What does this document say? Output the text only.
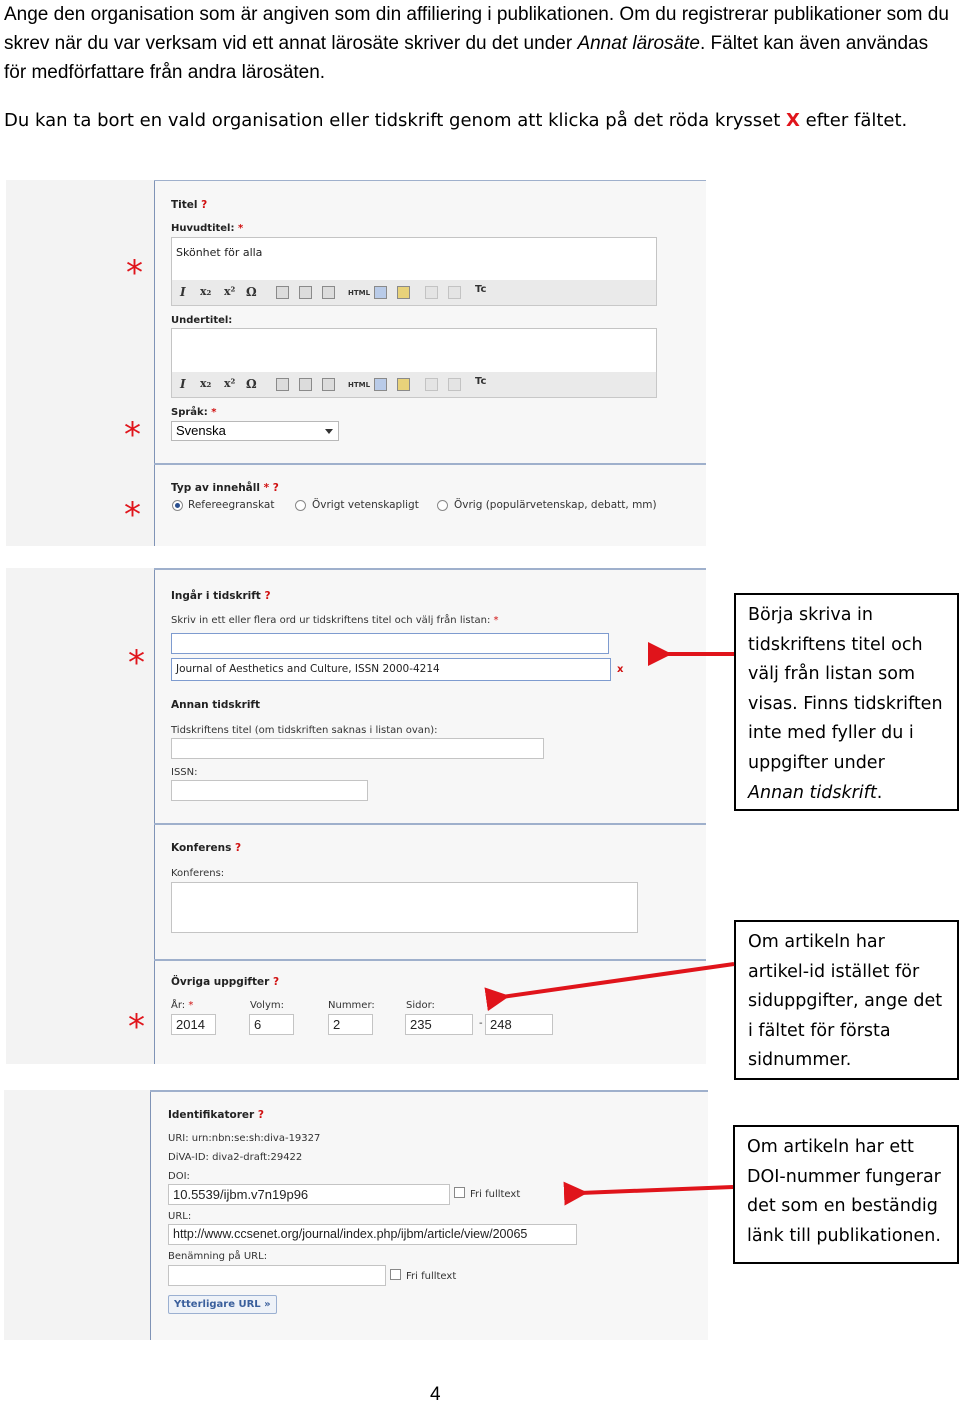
Ange den organisation som är angiven som din affiliering i publikationen. Om du registrerar publikationer som du skrev när du var verksam vid ett annat lärosäte skriver du det under Annat lärosäte. Fältet kan även användas för medförfattare från andra lärosäten.

Du kan ta bort en vald organisation eller tidskrift genom att klicka på det röda krysset X efter fältet.

Titel ?
Huvudtitel: *
Skönhet för alla
I x₂ x² Ω	HTML	Tc
Undertitel:
I x₂ x² Ω	HTML	Tc
Språk: *
Svenska
Typ av innehåll * ?
Refereegranskat	Övrigt vetenskapligt	Övrig (populärvetenskap, debatt, mm)
*
*
*
Ingår i tidskrift ?
Skriv in ett eller flera ord ur tidskriftens titel och välj från listan: *
Journal of Aesthetics and Culture, ISSN 2000-4214	x
Annan tidskrift
Tidskriftens titel (om tidskriften saknas i listan ovan):
ISSN:
Konferens ?
Konferens:
Övriga uppgifter ?
År: *
2014
Volym:
6
Nummer:
2
Sidor:
235	- 248
*
*
Identifikatorer ?
URI: urn:nbn:se:sh:diva-19327
DiVA-ID: diva2-draft:29422
DOI:
10.5539/ijbm.v7n19p96	Fri fulltext
URL:
http://www.ccsenet.org/journal/index.php/ijbm/article/view/20065
Benämning på URL:
Fri fulltext
Ytterligare URL »
Börja skriva in tidskriftens titel och välj från listan som visas. Finns tidskriften inte med fyller du i uppgifter under Annan tidskrift.
Om artikeln har artikel-id istället för siduppgifter, ange det i fältet för första sidnummer.
Om artikeln har ett DOI-nummer fungerar det som en beständig länk till publikationen.
4
